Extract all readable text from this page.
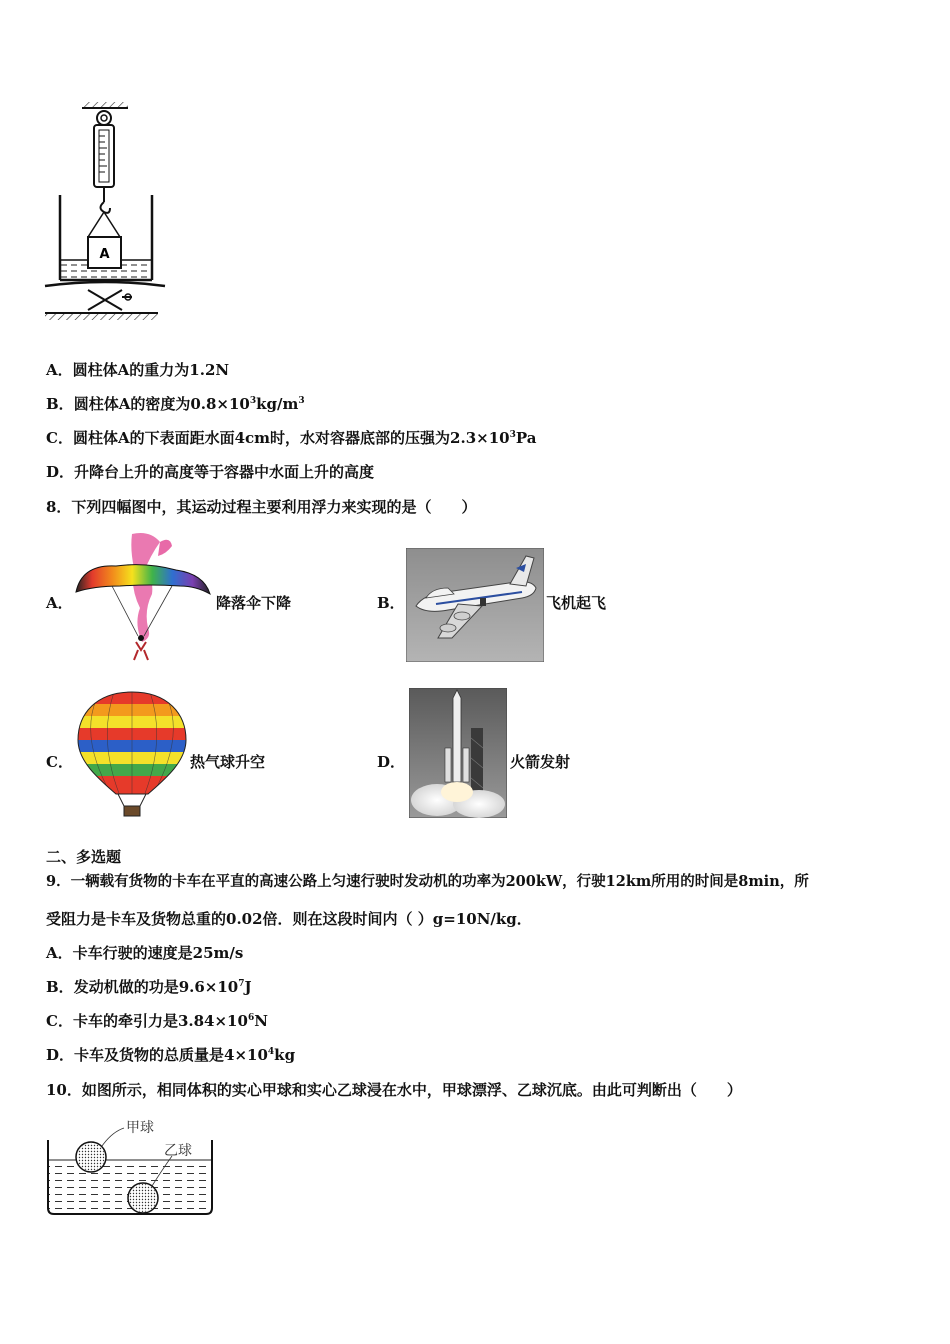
A
A．圆柱体A的重力为1.2N
B．圆柱体A的密度为$0.8\times 10^3kg/m^3$
C．圆柱体A的下表面距水面4cm时，水对容器底部的压强为$2.3\times 10^3Pa$
D．升降台上升的高度等于容器中水面上升的高度
8．下列四幅图中，其运动过程主要利用浮力来实现的是（　　）
A．	降落伞下降	B．	飞机起飞
C．	热气球升空	D．	火箭发射
二、多选题
9．一辆载有货物的卡车在平直的高速公路上匀速行驶时发动机的功率为200kW，行驶12km所用的时间是8min，所
受阻力是卡车及货物总重的0.02倍．则在这段时间内（ ）g=10N/kg．
A．卡车行驶的速度是25m/s
B．发动机做的功是$9.6\times 10^7J$
C．卡车的牵引力是$3.84\times 10^6N$
D．卡车及货物的总质量是$4\times 10^4kg$
10．如图所示，相同体积的实心甲球和实心乙球浸在水中，甲球漂浮、乙球沉底。由此可判断出（　　）
甲球
乙球
